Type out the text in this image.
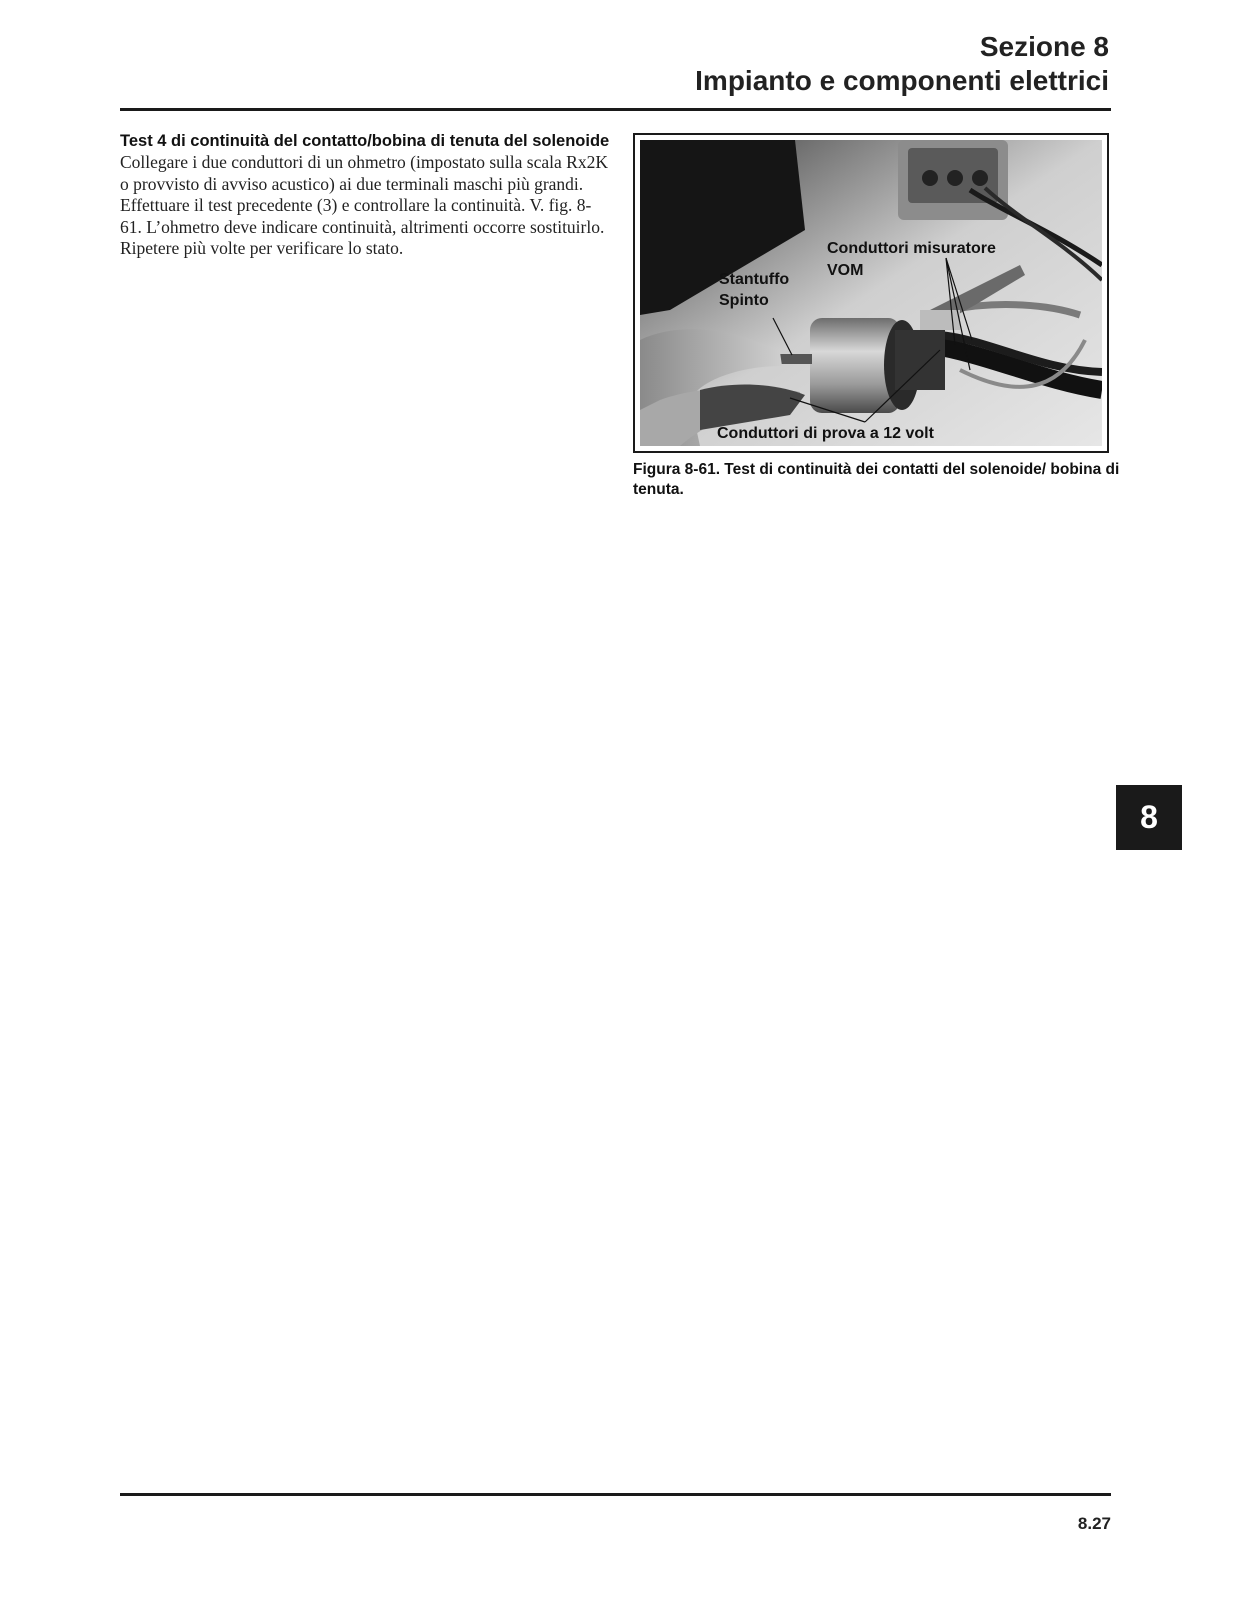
Sezione 8
Impianto e componenti elettrici
Test 4 di continuità del contatto/bobina di tenuta del solenoide

Collegare i due conduttori di un ohmetro (impostato sulla scala Rx2K o provvisto di avviso acustico) ai due terminali maschi più grandi. Effettuare il test precedente (3) e controllare la continuità. V. fig. 8-61. L’ohmetro deve indicare continuità, altrimenti occorre sostituirlo. Ripetere più volte per verificare lo stato.

Stantuffo
Spinto
Conduttori misuratore
VOM
Conduttori di prova a 12 volt
Figura 8-61. Test di continuità dei contatti del solenoide/ bobina di tenuta.
8
8.27
